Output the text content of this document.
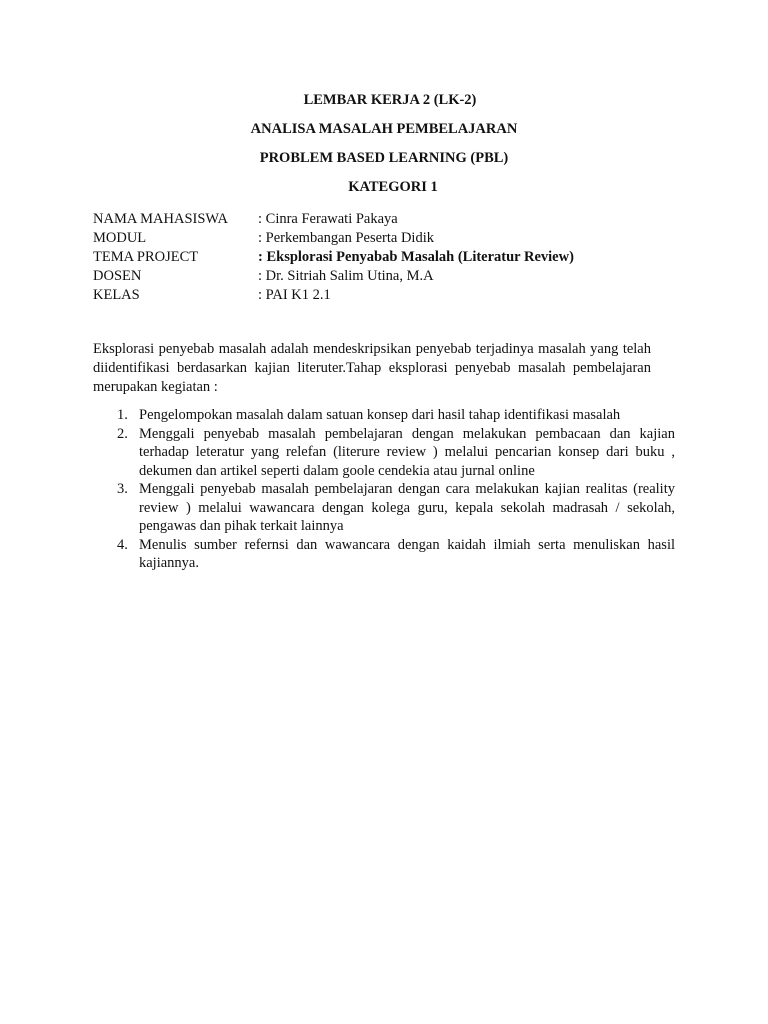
LEMBAR KERJA 2 (LK-2)
ANALISA MASALAH PEMBELAJARAN
PROBLEM BASED LEARNING (PBL)
KATEGORI 1
NAMA MAHASISWA	: Cinra Ferawati Pakaya
MODUL	: Perkembangan Peserta Didik
TEMA PROJECT	: Eksplorasi Penyabab Masalah (Literatur Review)
DOSEN	: Dr. Sitriah Salim Utina, M.A
KELAS	: PAI K1 2.1
Eksplorasi penyebab masalah adalah mendeskripsikan penyebab terjadinya masalah yang telah diidentifikasi berdasarkan kajian literuter.Tahap eksplorasi penyebab masalah pembelajaran merupakan kegiatan :
1. Pengelompokan masalah dalam satuan konsep dari hasil tahap identifikasi masalah
2. Menggali penyebab masalah pembelajaran dengan melakukan pembacaan dan kajian terhadap leteratur yang relefan (literure review ) melalui pencarian konsep dari buku , dekumen dan artikel seperti dalam goole cendekia atau jurnal online
3. Menggali penyebab masalah pembelajaran dengan cara melakukan kajian realitas (reality review ) melalui wawancara dengan kolega guru, kepala sekolah madrasah / sekolah, pengawas dan pihak terkait lainnya
4. Menulis sumber refernsi dan wawancara dengan kaidah ilmiah serta menuliskan hasil kajiannya.
